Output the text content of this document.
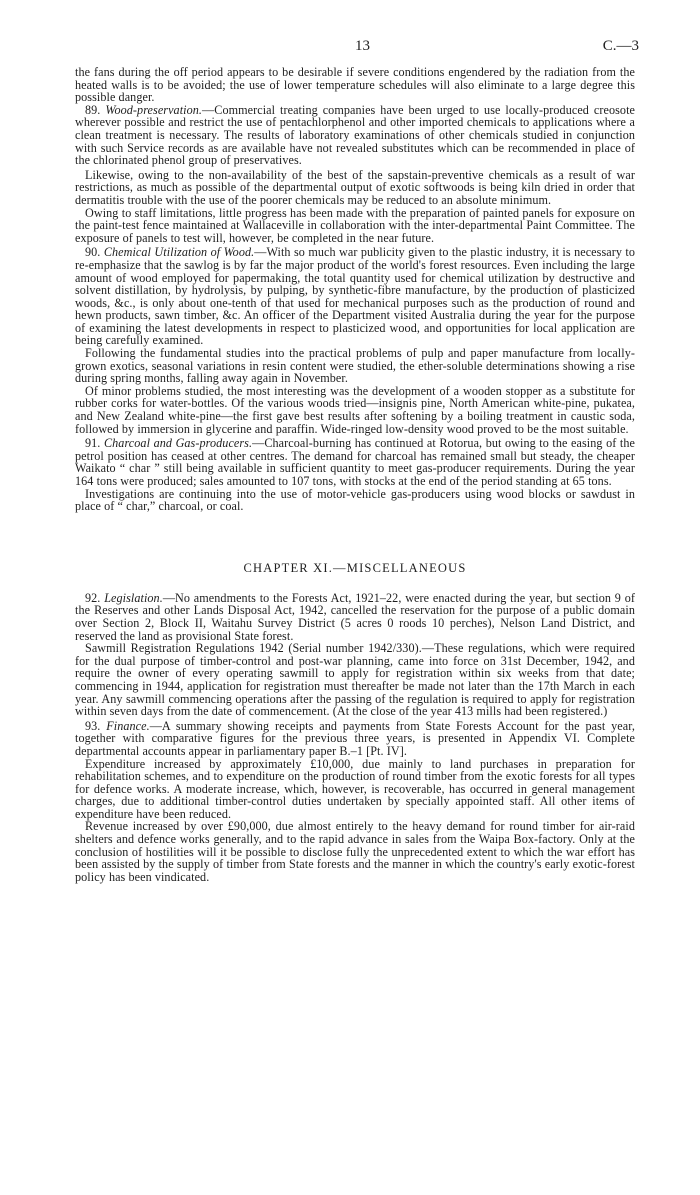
13	C.—3

the fans during the off period appears to be desirable if severe conditions engendered by the radiation from the heated walls is to be avoided; the use of lower temperature schedules will also eliminate to a large degree this possible danger.

89. Wood-preservation.—Commercial treating companies have been urged to use locally-produced creosote wherever possible and restrict the use of pentachlorphenol and other imported chemicals to applications where a clean treatment is necessary. The results of laboratory examinations of other chemicals studied in conjunction with such Service records as are available have not revealed substitutes which can be recommended in place of the chlorinated phenol group of preservatives.

Likewise, owing to the non-availability of the best of the sapstain-preventive chemicals as a result of war restrictions, as much as possible of the departmental output of exotic softwoods is being kiln dried in order that dermatitis trouble with the use of the poorer chemicals may be reduced to an absolute minimum.

Owing to staff limitations, little progress has been made with the preparation of painted panels for exposure on the paint-test fence maintained at Wallaceville in collaboration with the inter-departmental Paint Committee. The exposure of panels to test will, however, be completed in the near future.

90. Chemical Utilization of Wood.—With so much war publicity given to the plastic industry, it is necessary to re-emphasize that the sawlog is by far the major product of the world's forest resources. Even including the large amount of wood employed for papermaking, the total quantity used for chemical utilization by destructive and solvent distillation, by hydrolysis, by pulping, by synthetic-fibre manufacture, by the production of plasticized woods, &c., is only about one-tenth of that used for mechanical purposes such as the production of round and hewn products, sawn timber, &c. An officer of the Department visited Australia during the year for the purpose of examining the latest developments in respect to plasticized wood, and opportunities for local application are being carefully examined.

Following the fundamental studies into the practical problems of pulp and paper manufacture from locally-grown exotics, seasonal variations in resin content were studied, the ether-soluble determinations showing a rise during spring months, falling away again in November.

Of minor problems studied, the most interesting was the development of a wooden stopper as a substitute for rubber corks for water-bottles. Of the various woods tried—insignis pine, North American white-pine, pukatea, and New Zealand white-pine—the first gave best results after softening by a boiling treatment in caustic soda, followed by immersion in glycerine and paraffin. Wide-ringed low-density wood proved to be the most suitable.

91. Charcoal and Gas-producers.—Charcoal-burning has continued at Rotorua, but owing to the easing of the petrol position has ceased at other centres. The demand for charcoal has remained small but steady, the cheaper Waikato “ char ” still being available in sufficient quantity to meet gas-producer requirements. During the year 164 tons were produced; sales amounted to 107 tons, with stocks at the end of the period standing at 65 tons.

Investigations are continuing into the use of motor-vehicle gas-producers using wood blocks or sawdust in place of “ char,” charcoal, or coal.

CHAPTER XI.—MISCELLANEOUS

92. Legislation.—No amendments to the Forests Act, 1921–22, were enacted during the year, but section 9 of the Reserves and other Lands Disposal Act, 1942, cancelled the reservation for the purpose of a public domain over Section 2, Block II, Waitahu Survey District (5 acres 0 roods 10 perches), Nelson Land District, and reserved the land as provisional State forest.

Sawmill Registration Regulations 1942 (Serial number 1942/330).—These regulations, which were required for the dual purpose of timber-control and post-war planning, came into force on 31st December, 1942, and require the owner of every operating sawmill to apply for registration within six weeks from that date; commencing in 1944, application for registration must thereafter be made not later than the 17th March in each year. Any sawmill commencing operations after the passing of the regulation is required to apply for registration within seven days from the date of commencement. (At the close of the year 413 mills had been registered.)

93. Finance.—A summary showing receipts and payments from State Forests Account for the past year, together with comparative figures for the previous three years, is presented in Appendix VI. Complete departmental accounts appear in parliamentary paper B.–1 [Pt. IV].

Expenditure increased by approximately £10,000, due mainly to land purchases in preparation for rehabilitation schemes, and to expenditure on the production of round timber from the exotic forests for all types for defence works. A moderate increase, which, however, is recoverable, has occurred in general management charges, due to additional timber-control duties undertaken by specially appointed staff. All other items of expenditure have been reduced.

Revenue increased by over £90,000, due almost entirely to the heavy demand for round timber for air-raid shelters and defence works generally, and to the rapid advance in sales from the Waipa Box-factory. Only at the conclusion of hostilities will it be possible to disclose fully the unprecedented extent to which the war effort has been assisted by the supply of timber from State forests and the manner in which the country's early exotic-forest policy has been vindicated.
